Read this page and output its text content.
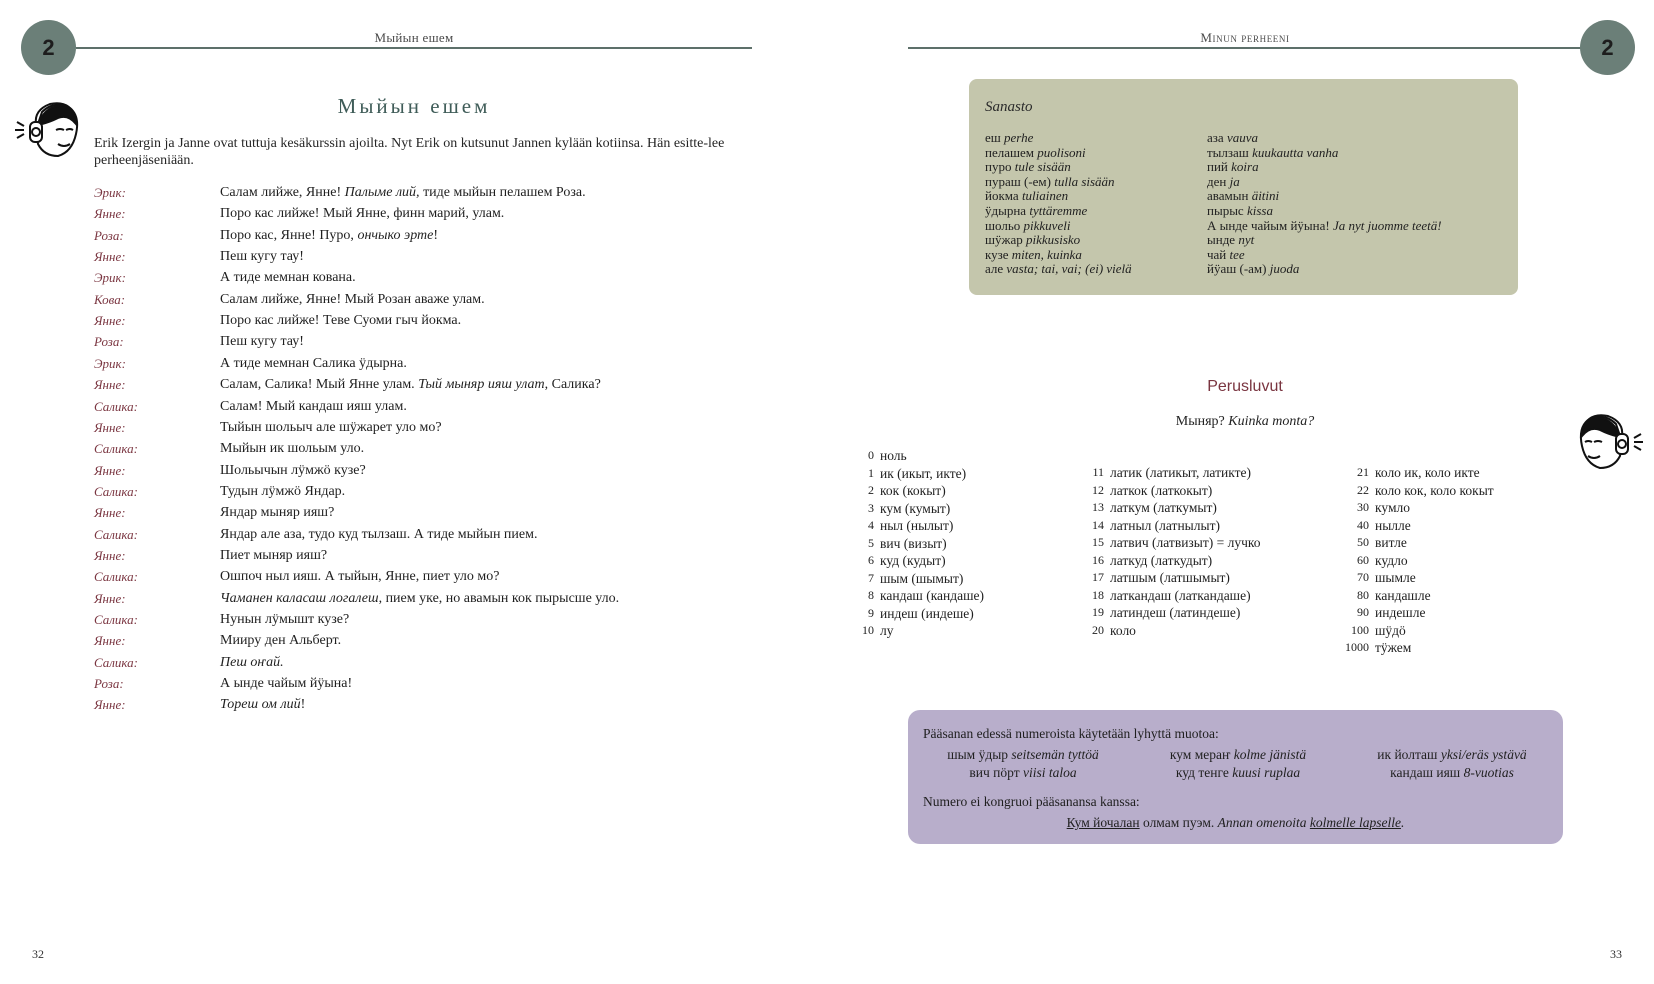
2	Мыйын ешем
Мыйын ешем
Erik Izergin ja Janne ovat tuttuja kesäkurssin ajoilta. Nyt Erik on kutsunut Jannen kylään kotiinsa. Hän esitte-lee perheenjäseniään.
Эрик:	Салам лийже, Янне! Палыме лий, тиде мыйын пелашем Роза.
Янне:	Поро кас лийже! Мый Янне, финн марий, улам.
Роза:	Поро кас, Янне! Пуро, ончыко эрте!
Янне:	Пеш кугу тау!
Эрик:	А тиде мемнан кована.
Кова:	Салам лийже, Янне! Мый Розан аваже улам.
Янне:	Поро кас лийже! Теве Суоми гыч йокма.
Роза:	Пеш кугу тау!
Эрик:	А тиде мемнан Салика ӱдырна.
Янне:	Салам, Салика! Мый Янне улам. Тый мыняр ияш улат, Салика?
Салика:	Салам! Мый кандаш ияш улам.
Янне:	Тыйын шольыч але шӱжарет уло мо?
Салика:	Мыйын ик шольым уло.
Янне:	Шольычын лӱмжӧ кузе?
Салика:	Тудын лӱмжӧ Яндар.
Янне:	Яндар мыняр ияш?
Салика:	Яндар але аза, тудо куд тылзаш. А тиде мыйын пием.
Янне:	Пиет мыняр ияш?
Салика:	Ошпоч ныл ияш. А тыйын, Янне, пиет уло мо?
Янне:	Чаманен каласаш логалеш, пием уке, но авамын кок пырысше уло.
Салика:	Нунын лӱмышт кузе?
Янне:	Мииру ден Альберт.
Салика:	Пеш оҥай.
Роза:	А ынде чайым йӱына!
Янне:	Тореш ом лий!
32
Minun perheeni	2
Sanasto
еш perhe
пелашем puolisoni
пуро tule sisään
пураш (-ем) tulla sisään
йокма tuliainen
ӱдырна tyttäremme
шольо pikkuveli
шӱжар pikkusisko
кузе miten, kuinka
але vasta; tai, vai; (ei) vielä
аза vauva
тылзаш kuukautta vanha
пий koira
ден ja
авамын äitini
пырыс kissa
А ынде чайым йӱына! Ja nyt juomme teetä!
ынде nyt
чай tee
йӱаш (-ам) juoda
Perusluvut
Мыняр? Kuinka monta?
0 ноль
1 ик (икыт, икте)
2 кок (кокыт)
3 кум (кумыт)
4 ныл (нылыт)
5 вич (визыт)
6 куд (кудыт)
7 шым (шымыт)
8 кандаш (кандаше)
9 индеш (индеше)
10 лу
11 латик (латикыт, латикте)
12 латкок (латкокыт)
13 латкум (латкумыт)
14 латныл (латнылыт)
15 латвич (латвизыт) = лучко
16 латкуд (латкудыт)
17 латшым (латшымыт)
18 латкандаш (латкандаше)
19 латиндеш (латиндеше)
20 коло
21 коло ик, коло икте
22 коло кок, коло кокыт
30 кумло
40 нылле
50 витле
60 кудло
70 шымле
80 кандашле
90 индешле
100 шӱдӧ
1000 тӱжем
Pääsanan edessä numeroista käytetään lyhyttä muotoa:
шым ӱдыр seitsemän tyttöä	кум мераҥ kolme jänistä	ик йолташ yksi/eräs ystävä
вич пӧрт viisi taloa	куд тенге kuusi ruplaa	кандаш ияш 8-vuotias
Numero ei kongruoi pääsanansa kanssa:
Кум йочалан олмам пуэм. Annan omenoita kolmelle lapselle.
33
